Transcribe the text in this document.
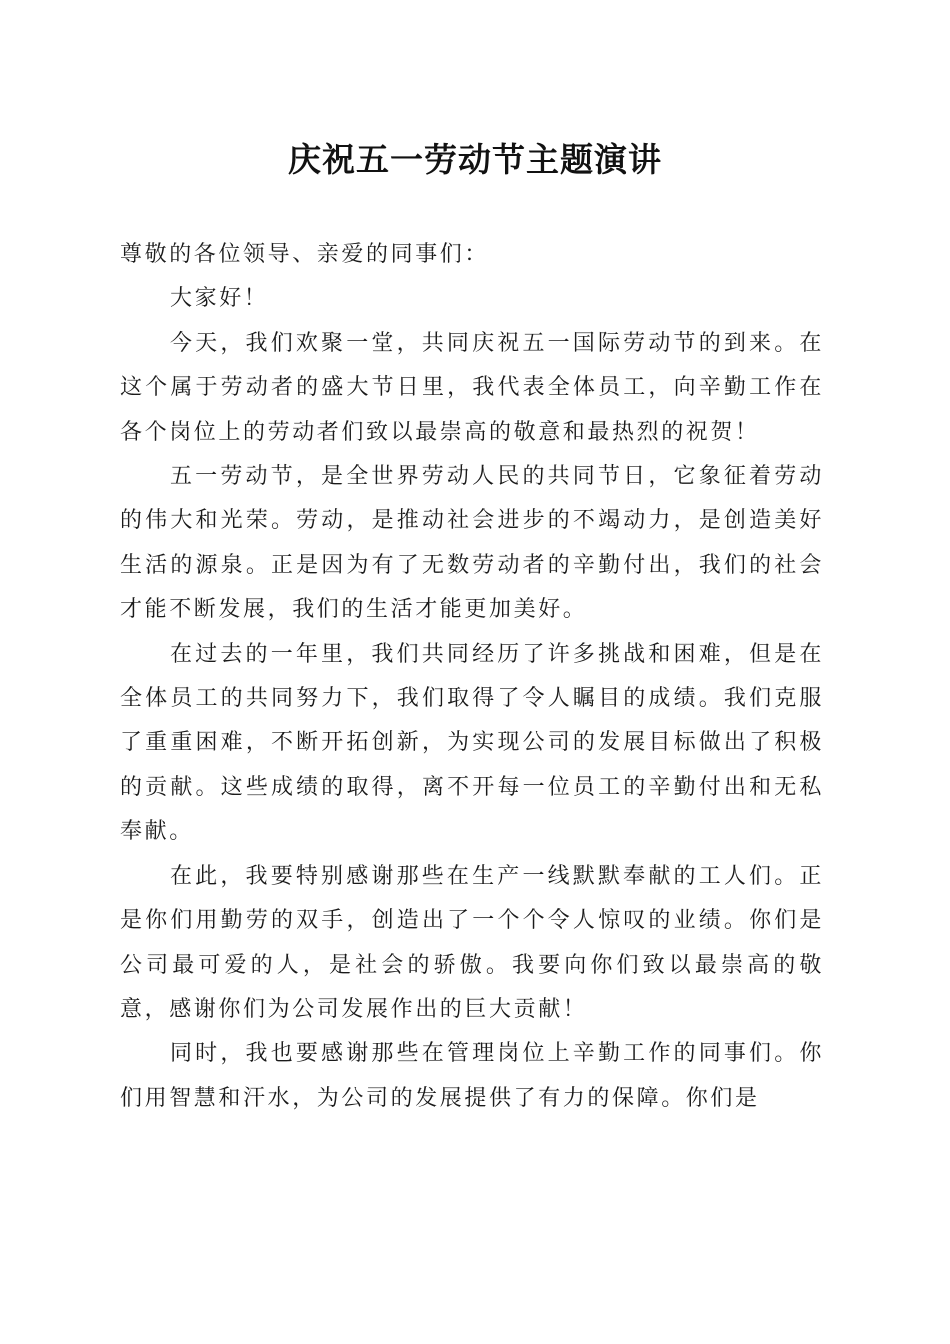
庆祝五一劳动节主题演讲

尊敬的各位领导、亲爱的同事们：

大家好！

今天，我们欢聚一堂，共同庆祝五一国际劳动节的到来。在这个属于劳动者的盛大节日里，我代表全体员工，向辛勤工作在各个岗位上的劳动者们致以最崇高的敬意和最热烈的祝贺！

五一劳动节，是全世界劳动人民的共同节日，它象征着劳动的伟大和光荣。劳动，是推动社会进步的不竭动力，是创造美好生活的源泉。正是因为有了无数劳动者的辛勤付出，我们的社会才能不断发展，我们的生活才能更加美好。

在过去的一年里，我们共同经历了许多挑战和困难，但是在全体员工的共同努力下，我们取得了令人瞩目的成绩。我们克服了重重困难，不断开拓创新，为实现公司的发展目标做出了积极的贡献。这些成绩的取得，离不开每一位员工的辛勤付出和无私奉献。

在此，我要特别感谢那些在生产一线默默奉献的工人们。正是你们用勤劳的双手，创造出了一个个令人惊叹的业绩。你们是公司最可爱的人，是社会的骄傲。我要向你们致以最崇高的敬意，感谢你们为公司发展作出的巨大贡献！

同时，我也要感谢那些在管理岗位上辛勤工作的同事们。你们用智慧和汗水，为公司的发展提供了有力的保障。你们是
